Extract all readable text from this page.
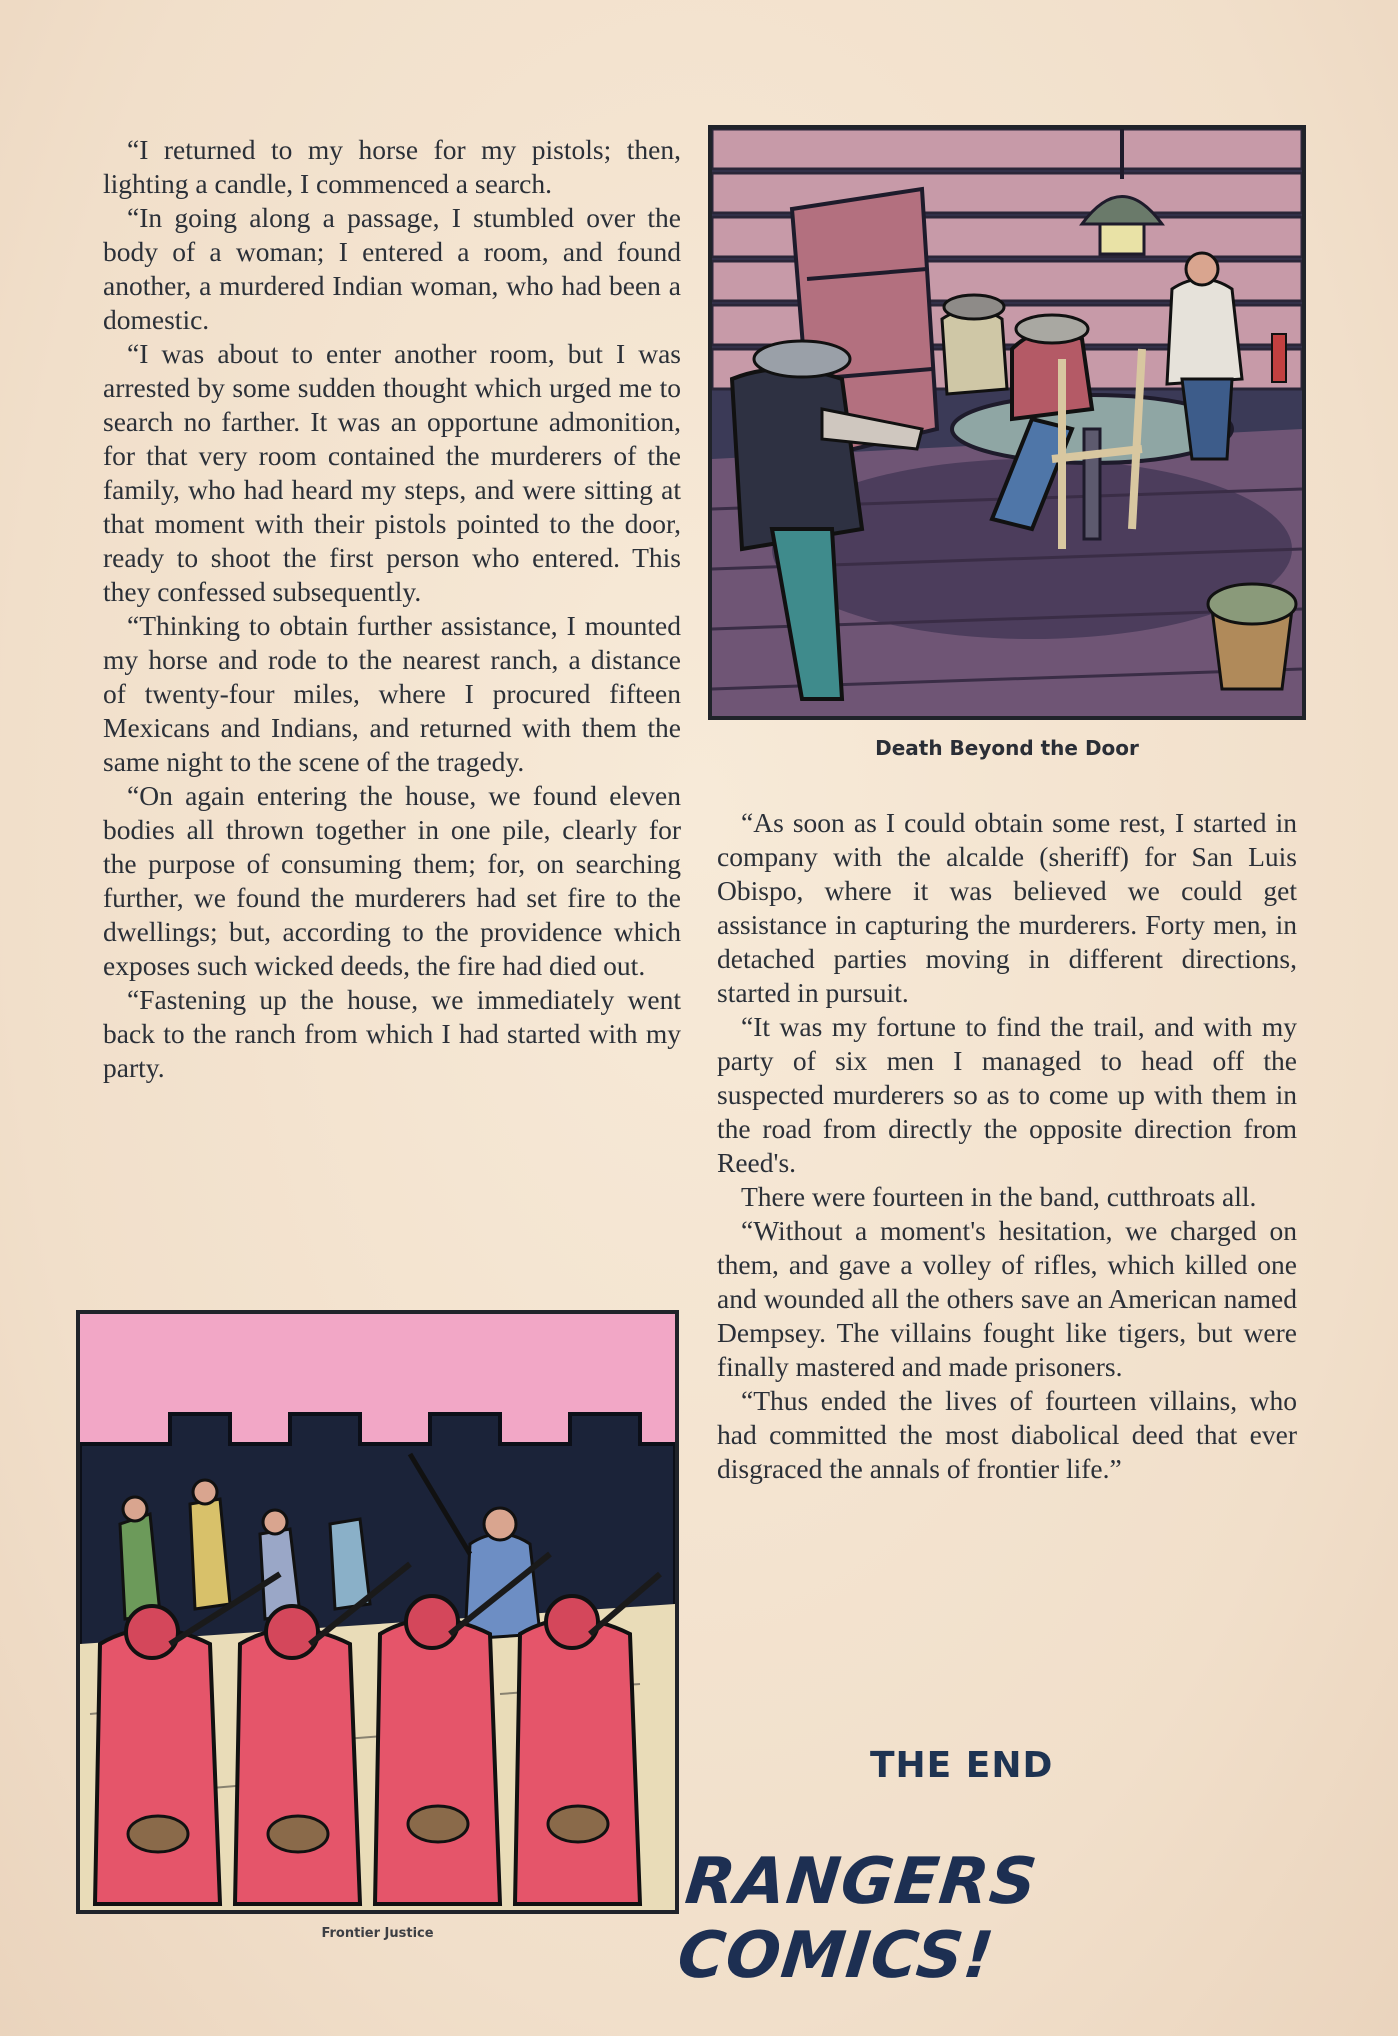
“I returned to my horse for my pistols; then, lighting a candle, I commenced a search.

“In going along a passage, I stumbled over the body of a woman; I entered a room, and found another, a murdered Indian woman, who had been a domestic.

“I was about to enter another room, but I was arrested by some sudden thought which urged me to search no farther. It was an opportune admonition, for that very room contained the murderers of the family, who had heard my steps, and were sitting at that moment with their pistols pointed to the door, ready to shoot the first person who entered. This they confessed subsequently.

“Thinking to obtain further assistance, I mounted my horse and rode to the nearest ranch, a distance of twenty-four miles, where I procured fifteen Mexicans and Indians, and returned with them the same night to the scene of the tragedy.

“On again entering the house, we found eleven bodies all thrown together in one pile, clearly for the purpose of consuming them; for, on searching further, we found the murderers had set fire to the dwellings; but, according to the providence which exposes such wicked deeds, the fire had died out.

“Fastening up the house, we immediately went back to the ranch from which I had started with my party.

Death Beyond the Door

“As soon as I could obtain some rest, I started in company with the alcalde (sheriff) for San Luis Obispo, where it was believed we could get assistance in capturing the murderers. Forty men, in detached parties moving in different directions, started in pursuit.

“It was my fortune to find the trail, and with my party of six men I managed to head off the suspected murderers so as to come up with them in the road from directly the opposite direction from Reed's.

There were fourteen in the band, cutthroats all.

“Without a moment's hesitation, we charged on them, and gave a volley of rifles, which killed one and wounded all the others save an American named Dempsey. The villains fought like tigers, but were finally mastered and made prisoners.

“Thus ended the lives of fourteen villains, who had committed the most diabolical deed that ever disgraced the annals of frontier life.”

Frontier Justice
THE END
RANGERS COMICS!
